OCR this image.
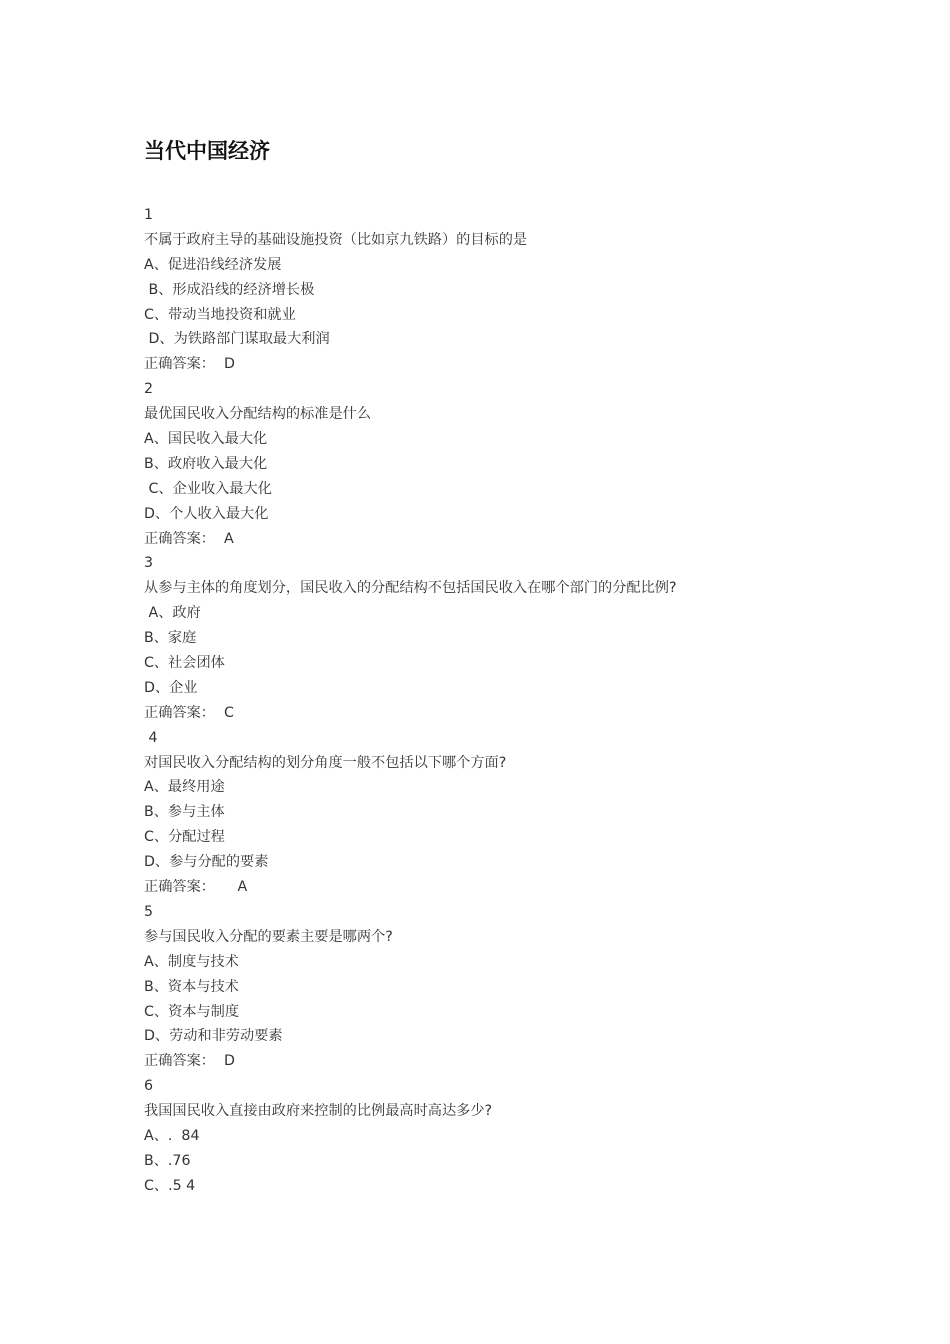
当代中国经济
1
不属于政府主导的基础设施投资（比如京九铁路）的目标的是
A、促进沿线经济发展
B、形成沿线的经济增长极
C、带动当地投资和就业
D、为铁路部门谋取最大利润
正确答案：  D
2
最优国民收入分配结构的标准是什么
A、国民收入最大化
B、政府收入最大化
C、企业收入最大化
D、个人收入最大化
正确答案：  A
3
从参与主体的角度划分，国民收入的分配结构不包括国民收入在哪个部门的分配比例?
A、政府
B、家庭
C、社会团体
D、企业
正确答案：  C
4
对国民收入分配结构的划分角度一般不包括以下哪个方面?
A、最终用途
B、参与主体
C、分配过程
D、参与分配的要素
正确答案：     A
5
参与国民收入分配的要素主要是哪两个?
A、制度与技术
B、资本与技术
C、资本与制度
D、劳动和非劳动要素
正确答案：  D
6
我国国民收入直接由政府来控制的比例最高时高达多少?
A、.  84
B、.76
C、.5 4
